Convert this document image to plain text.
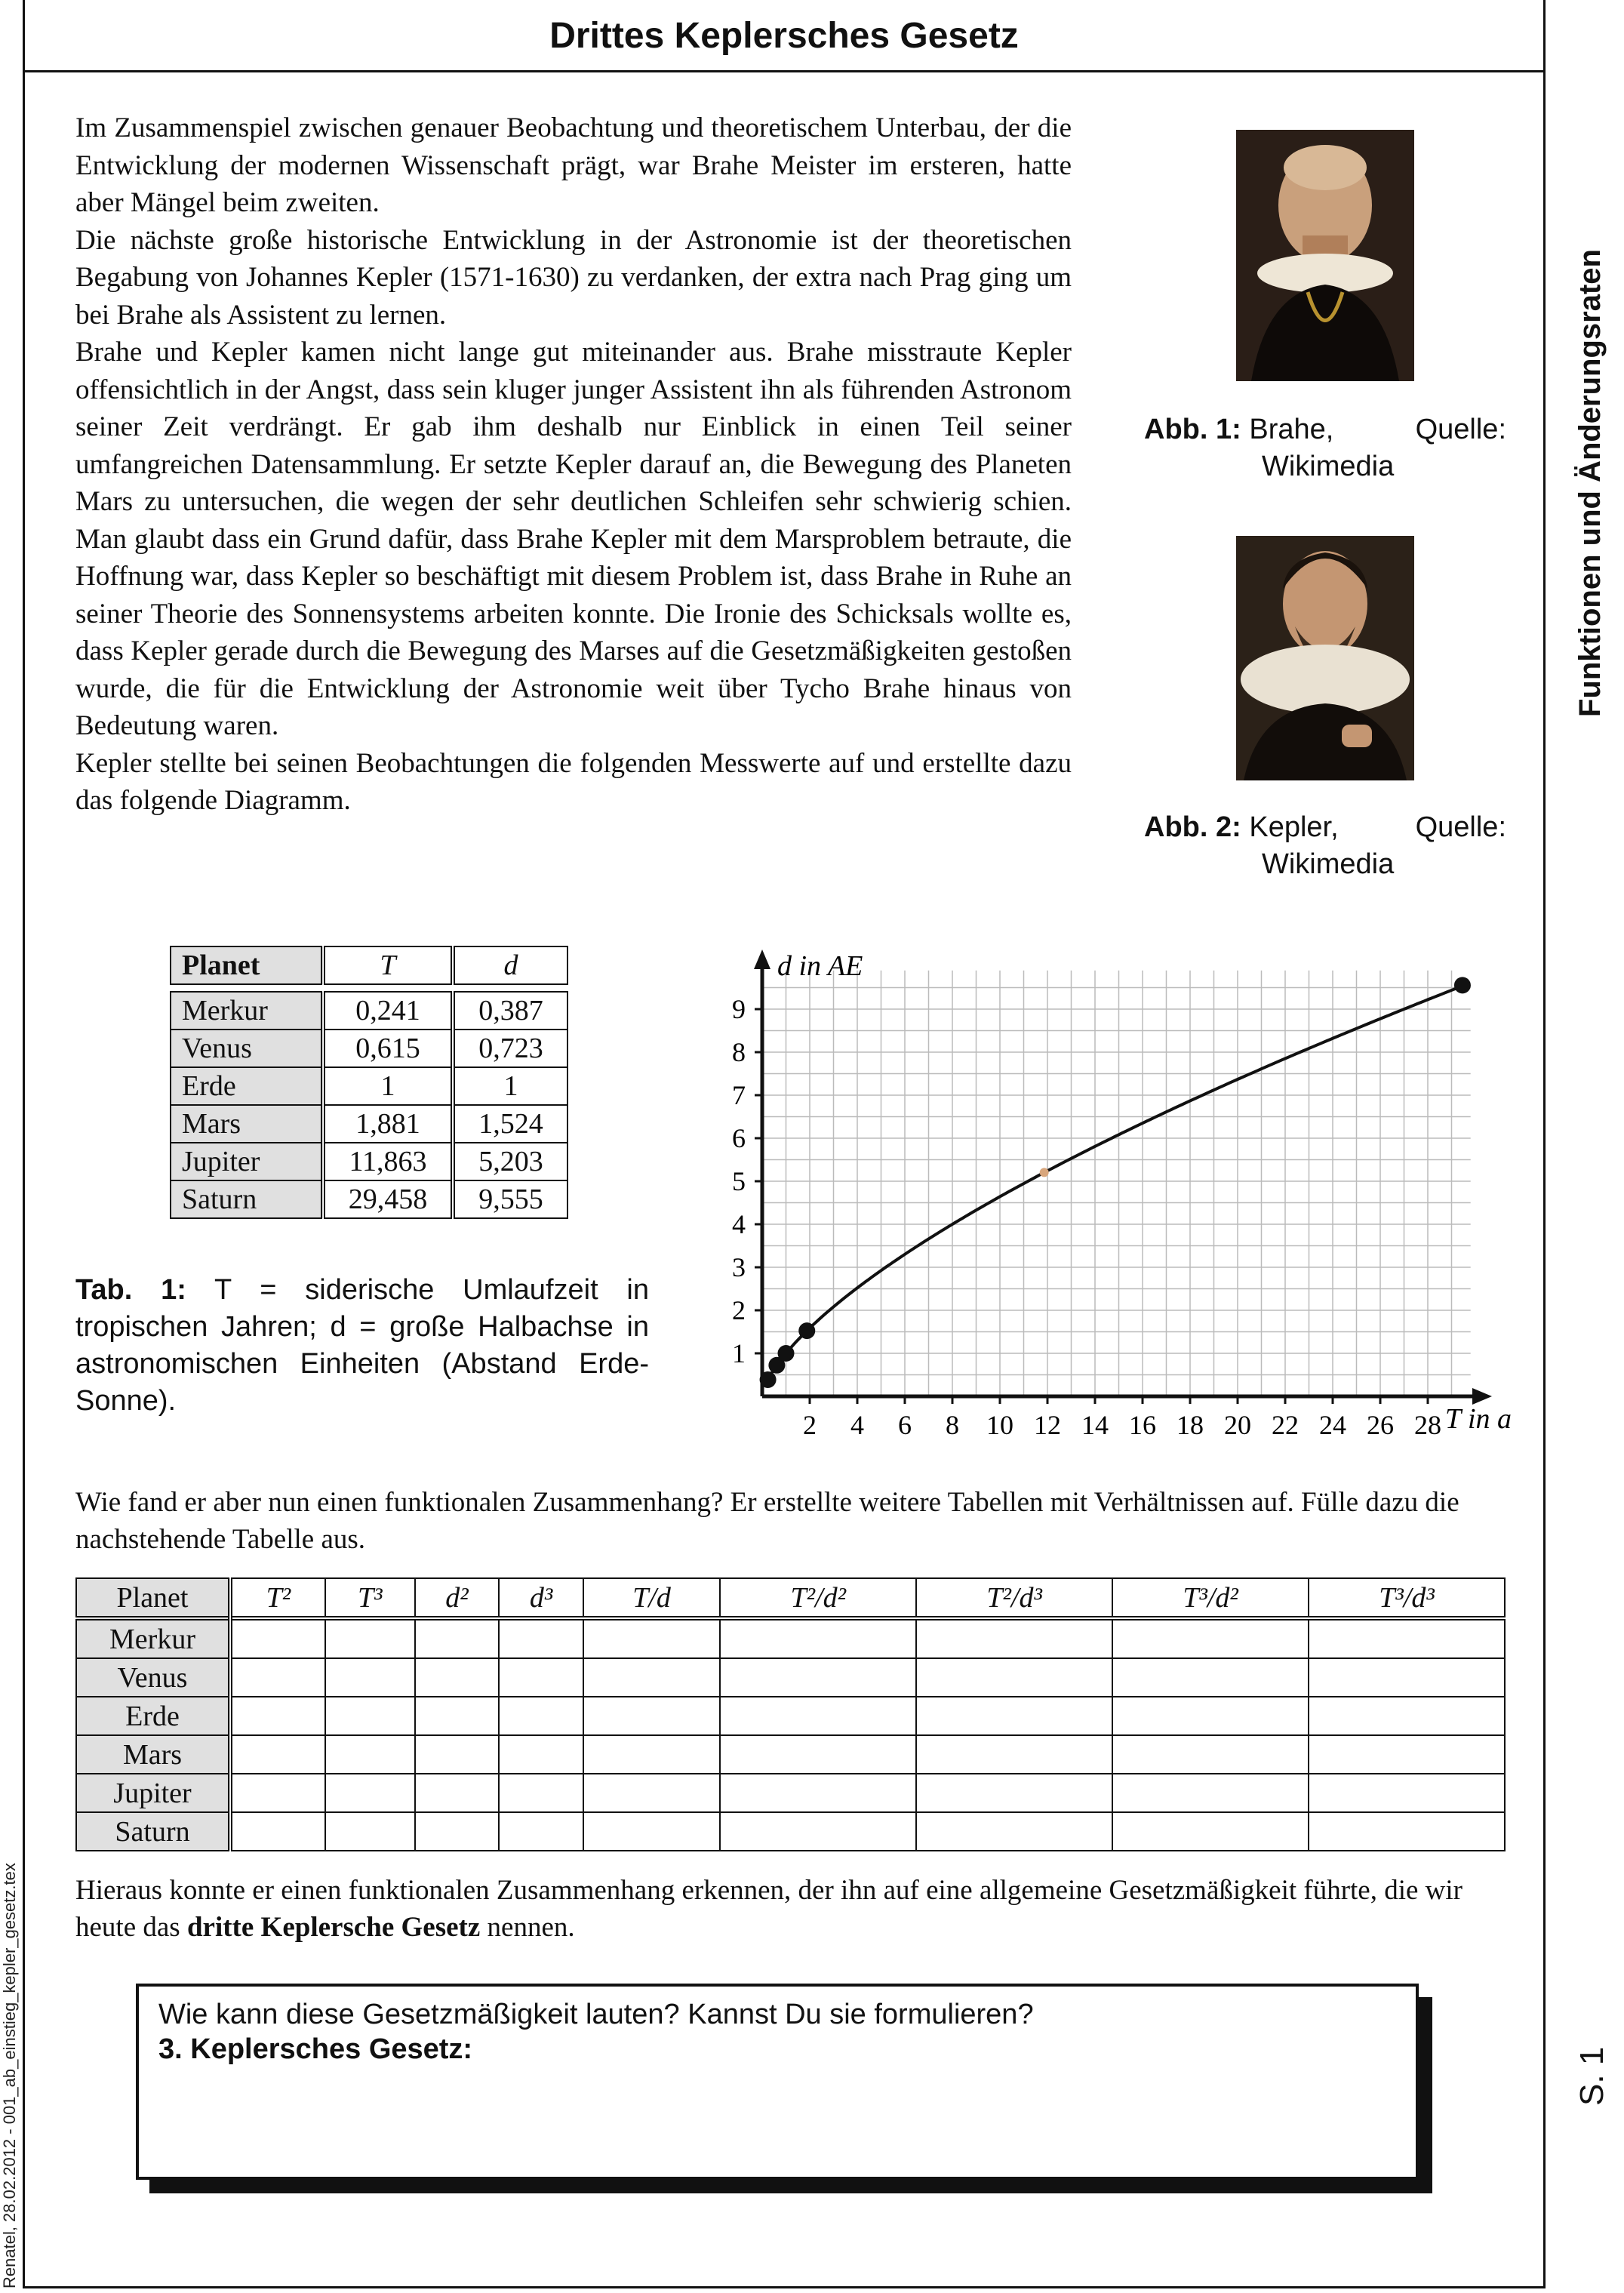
Drittes Keplersches Gesetz
Funktionen und Änderungsraten
S. 1
Renatel, 28.02.2012 - 001_ab_einstieg_kepler_gesetz.tex

Im Zusammenspiel zwischen genauer Beobachtung und theoretischem Unterbau, der die Entwicklung der modernen Wissenschaft prägt, war Brahe Meister im ersteren, hatte aber Mängel beim zweiten.

Die nächste große historische Entwicklung in der Astronomie ist der theoretischen Begabung von Johannes Kepler (1571-1630) zu verdanken, der extra nach Prag ging um bei Brahe als Assistent zu lernen.

Brahe und Kepler kamen nicht lange gut miteinander aus. Brahe misstraute Kepler offensichtlich in der Angst, dass sein kluger junger Assistent ihn als führenden Astronom seiner Zeit verdrängt. Er gab ihm deshalb nur Einblick in einen Teil seiner umfangreichen Datensammlung. Er setzte Kepler darauf an, die Bewegung des Planeten Mars zu untersuchen, die wegen der sehr deutlichen Schleifen sehr schwierig schien. Man glaubt dass ein Grund dafür, dass Brahe Kepler mit dem Marsproblem betraute, die Hoffnung war, dass Kepler so beschäftigt mit diesem Problem ist, dass Brahe in Ruhe an seiner Theorie des Sonnensystems arbeiten konnte. Die Ironie des Schicksals wollte es, dass Kepler gerade durch die Bewegung des Marses auf die Gesetzmäßigkeiten gestoßen wurde, die für die Entwicklung der Astronomie weit über Tycho Brahe hinaus von Bedeutung waren.

Kepler stellte bei seinen Beobachtungen die folgenden Messwerte auf und erstellte dazu das folgende Diagramm.

Abb. 1: Brahe,	Quelle:
Wikimedia
Abb. 2: Kepler,	Quelle:
Wikimedia
Planet	T	d

Merkur	0,241	0,387
Venus	0,615	0,723
Erde	1	1
Mars	1,881	1,524
Jupiter	11,863	5,203
Saturn	29,458	9,555
Tab. 1: T = siderische Umlaufzeit in tropischen Jahren; d = große Halbachse in astronomischen Einheiten (Abstand Erde-Sonne).
2 4 6 8 10 12 14 16 18 20 22 24 26 28
1
2
3
4
5
6
7
8
9
d in AE
T in a
Wie fand er aber nun einen funktionalen Zusammenhang? Er erstellte weitere Tabellen mit Verhältnissen auf. Fülle dazu die nachstehende Tabelle aus.
Planet	T²	T³	d²	d³	T/d	T²/d²	T²/d³	T³/d²	T³/d³
Merkur									
Venus									
Erde									
Mars									
Jupiter									
Saturn									
Hieraus konnte er einen funktionalen Zusammenhang erkennen, der ihn auf eine allgemeine Gesetzmäßigkeit führte, die wir heute das dritte Keplersche Gesetz nennen.
Wie kann diese Gesetzmäßigkeit lauten? Kannst Du sie formulieren?
3. Keplersches Gesetz:
